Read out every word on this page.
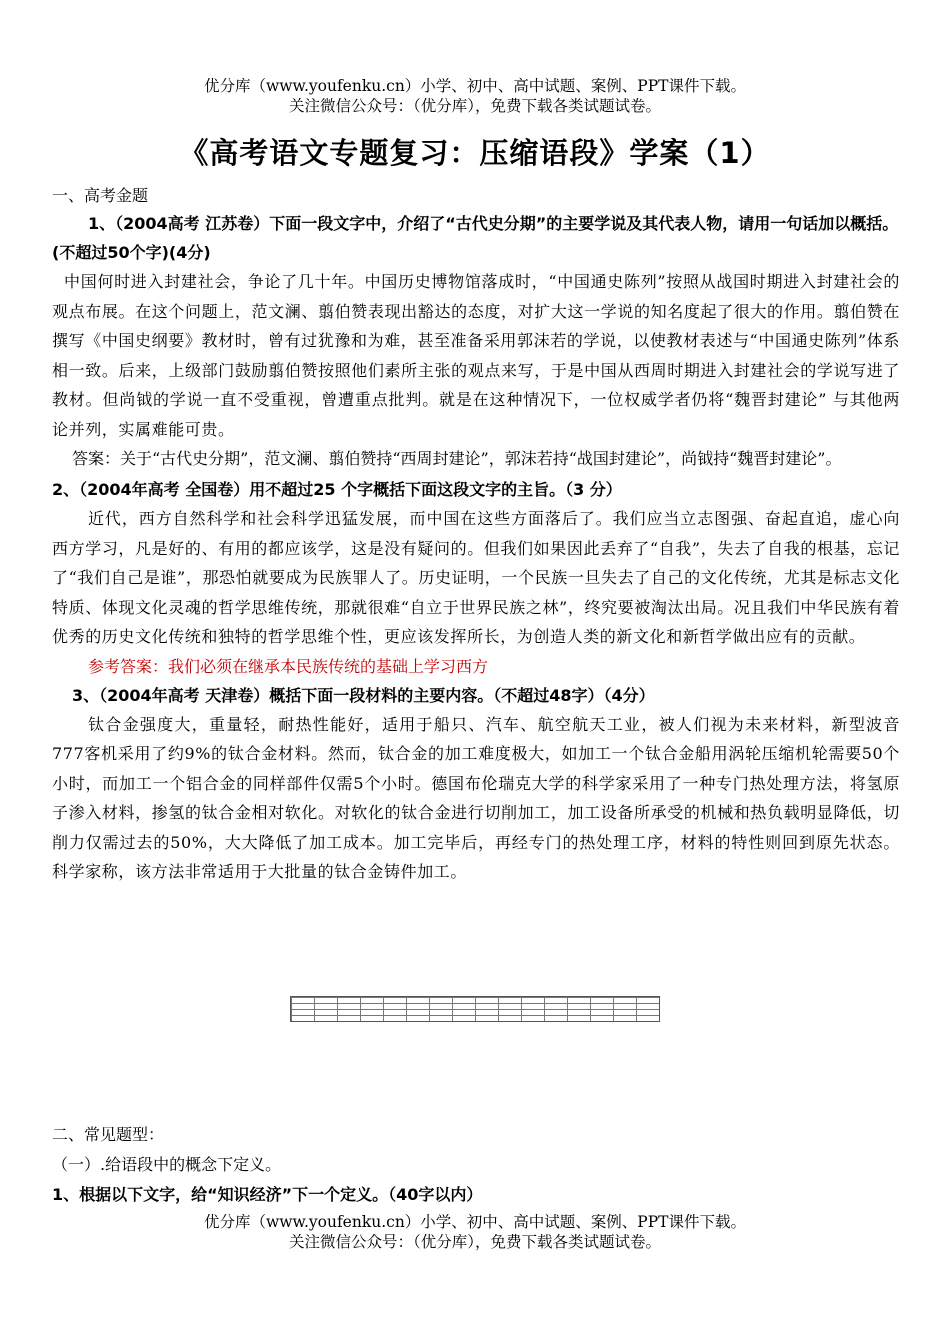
优分库（www.youfenku.cn）小学、初中、高中试题、案例、PPT课件下载。
关注微信公众号：（优分库），免费下载各类试题试卷。
《高考语文专题复习：压缩语段》学案（1）
一、高考金题
1、（2004高考 江苏卷）下面一段文字中，介绍了“古代史分期”的主要学说及其代表人物，请用一句话加以概括。(不超过50个字)(4分)
中国何时进入封建社会，争论了几十年。中国历史博物馆落成时，“中国通史陈列”按照从战国时期进入封建社会的观点布展。在这个问题上，范文澜、翦伯赞表现出豁达的态度，对扩大这一学说的知名度起了很大的作用。翦伯赞在撰写《中国史纲要》教材时，曾有过犹豫和为难，甚至准备采用郭沫若的学说，以使教材表述与“中国通史陈列”体系相一致。后来，上级部门鼓励翦伯赞按照他们素所主张的观点来写，于是中国从西周时期进入封建社会的学说写进了教材。但尚钺的学说一直不受重视，曾遭重点批判。就是在这种情况下，一位权威学者仍将“魏晋封建论” 与其他两论并列，实属难能可贵。
答案：关于“古代史分期”，范文澜、翦伯赞持“西周封建论”，郭沫若持“战国封建论”，尚钺持“魏晋封建论”。
2、（2004年高考 全国卷）用不超过25 个字概括下面这段文字的主旨。（3 分）
近代，西方自然科学和社会科学迅猛发展，而中国在这些方面落后了。我们应当立志图强、奋起直追，虚心向西方学习，凡是好的、有用的都应该学，这是没有疑问的。但我们如果因此丢弃了“自我”，失去了自我的根基，忘记了“我们自己是谁”，那恐怕就要成为民族罪人了。历史证明，一个民族一旦失去了自己的文化传统，尤其是标志文化特质、体现文化灵魂的哲学思维传统，那就很难“自立于世界民族之林”，终究要被淘汰出局。况且我们中华民族有着优秀的历史文化传统和独特的哲学思维个性，更应该发挥所长，为创造人类的新文化和新哲学做出应有的贡献。
参考答案：我们必须在继承本民族传统的基础上学习西方
3、（2004年高考 天津卷）概括下面一段材料的主要内容。（不超过48字）（4分）
钛合金强度大，重量轻，耐热性能好，适用于船只、汽车、航空航天工业，被人们视为未来材料，新型波音777客机采用了约9%的钛合金材料。然而，钛合金的加工难度极大，如加工一个钛合金船用涡轮压缩机轮需要50个小时，而加工一个铝合金的同样部件仅需5个小时。德国布伦瑞克大学的科学家采用了一种专门热处理方法，将氢原子渗入材料，掺氢的钛合金相对软化。对软化的钛合金进行切削加工，加工设备所承受的机械和热负载明显降低，切削力仅需过去的50%，大大降低了加工成本。加工完毕后，再经专门的热处理工序，材料的特性则回到原先状态。科学家称，该方法非常适用于大批量的钛合金铸件加工。
二、常见题型：
（一）.给语段中的概念下定义。
1、根据以下文字，给“知识经济”下一个定义。（40字以内）
优分库（www.youfenku.cn）小学、初中、高中试题、案例、PPT课件下载。
关注微信公众号：（优分库），免费下载各类试题试卷。
